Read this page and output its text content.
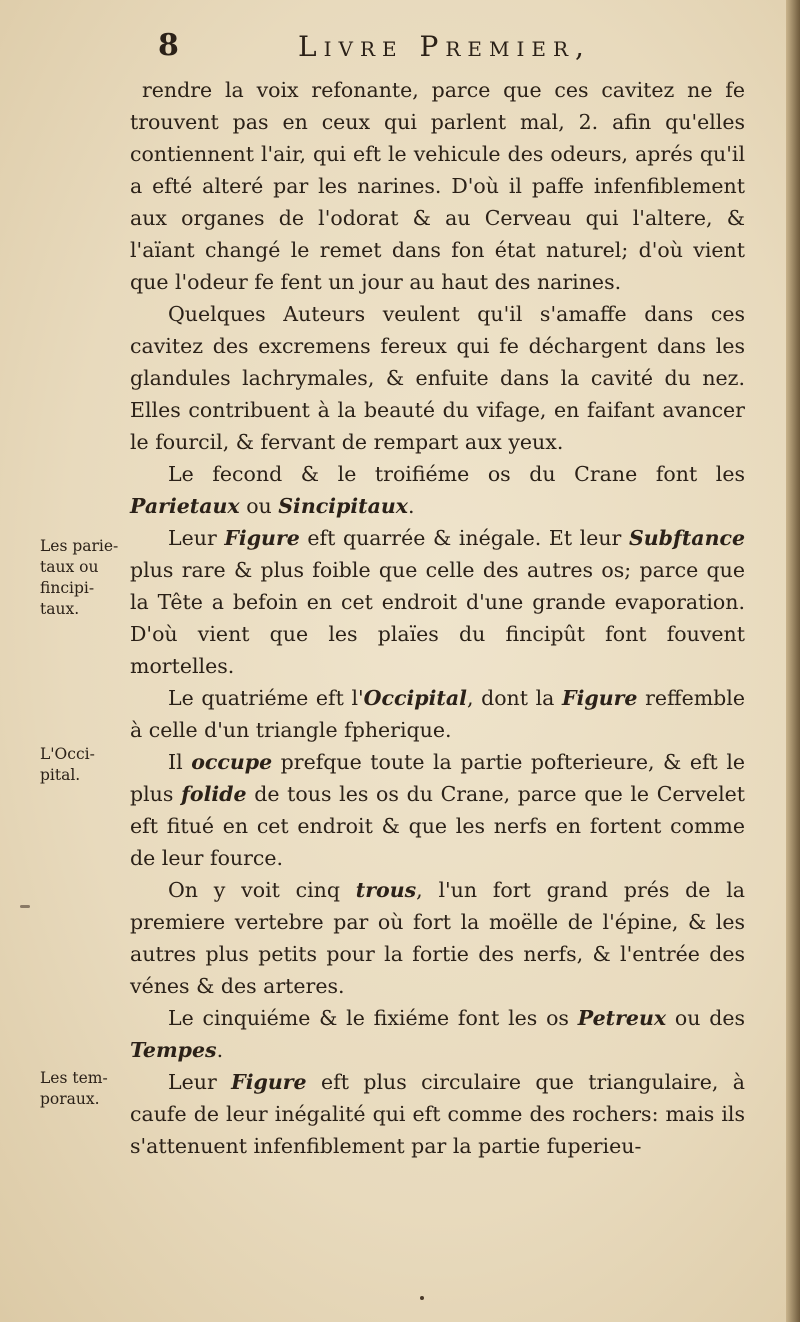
8	Livre Premier,
Les parie-taux ou fincipi-taux.
L'Occi-pital.
Les tem-poraux.

rendre la voix refonante, parce que ces cavitez ne fe trouvent pas en ceux qui parlent mal, 2. afin qu'elles contiennent l'air, qui eft le vehicule des odeurs, aprés qu'il a efté alteré par les narines. D'où il paffe infenfiblement aux organes de l'odorat & au Cerveau qui l'altere, & l'aïant changé le remet dans fon état naturel; d'où vient que l'odeur fe fent un jour au haut des narines.

Quelques Auteurs veulent qu'il s'amaffe dans ces cavitez des excremens fereux qui fe déchargent dans les glandules lachrymales, & enfuite dans la cavité du nez. Elles contribuent à la beauté du vifage, en faifant avancer le fourcil, & fervant de rempart aux yeux.

Le fecond & le troifiéme os du Crane font les Parietaux ou Sincipitaux.

Leur Figure eft quarrée & inégale. Et leur Subftance plus rare & plus foible que celle des autres os; parce que la Tête a befoin en cet endroit d'une grande evaporation. D'où vient que les plaïes du fincipût font fouvent mortelles.

Le quatriéme eft l'Occipital, dont la Figure reffemble à celle d'un triangle fpherique.

Il occupe prefque toute la partie pofterieure, & eft le plus folide de tous les os du Crane, parce que le Cervelet eft fitué en cet endroit & que les nerfs en fortent comme de leur fource.

On y voit cinq trous, l'un fort grand prés de la premiere vertebre par où fort la moëlle de l'épine, & les autres plus petits pour la fortie des nerfs, & l'entrée des vénes & des arteres.

Le cinquiéme & le fixiéme font les os Petreux ou des Tempes.

Leur Figure eft plus circulaire que triangulaire, à caufe de leur inégalité qui eft comme des rochers: mais ils s'attenuent infenfiblement par la partie fuperieu-
